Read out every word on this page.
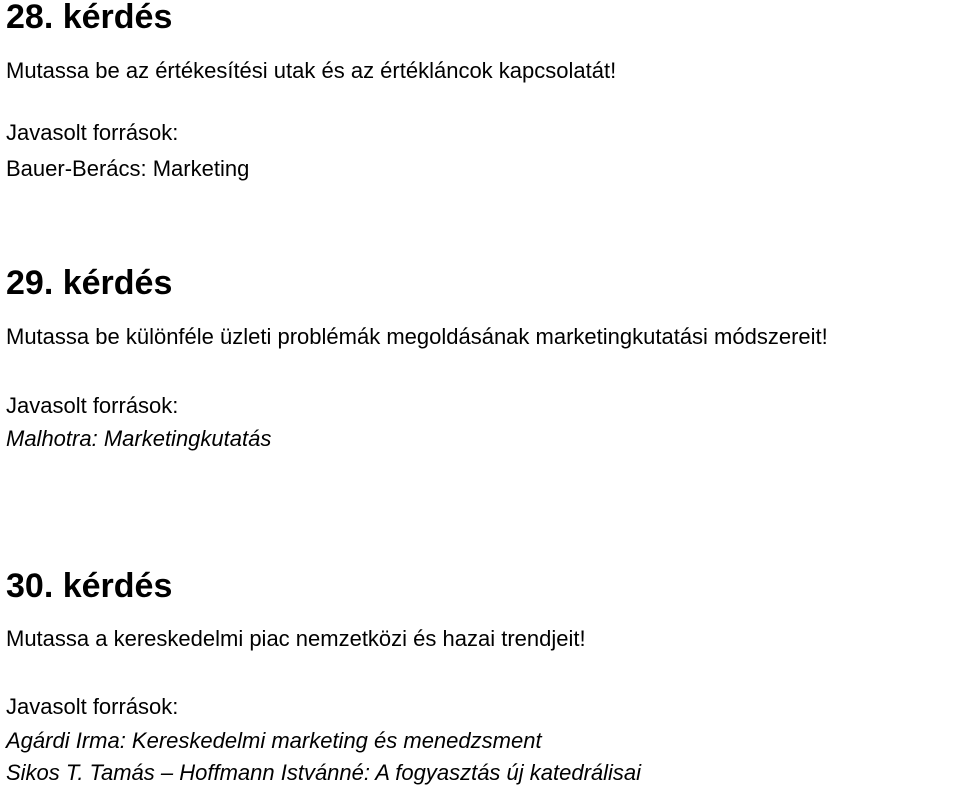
28. kérdés

Mutassa be az értékesítési utak és az értékláncok kapcsolatát!

Javasolt források:

Bauer-Berács: Marketing

29. kérdés

Mutassa be különféle üzleti problémák megoldásának marketingkutatási módszereit!

Javasolt források:

Malhotra: Marketingkutatás

30. kérdés

Mutassa a kereskedelmi piac nemzetközi és hazai trendjeit!

Javasolt források:

Agárdi Irma: Kereskedelmi marketing és menedzsment

Sikos T. Tamás – Hoffmann Istvánné: A fogyasztás új katedrálisai
